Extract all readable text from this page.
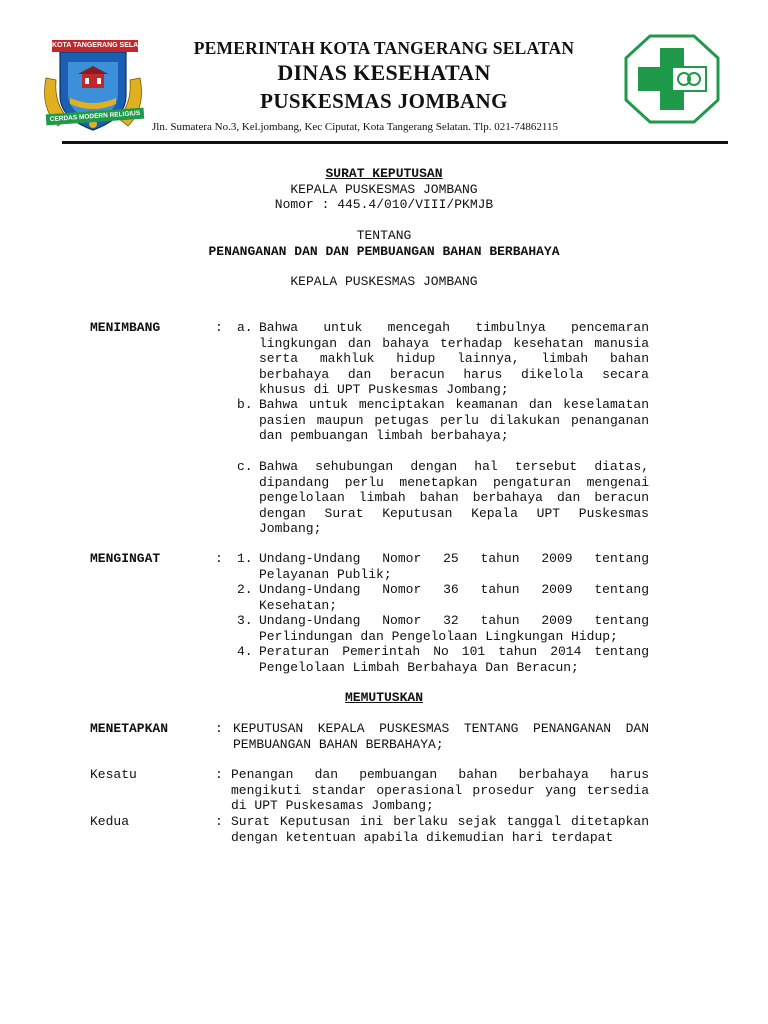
KOTA TANGERANG SELATAN
CERDAS MODERN RELIGIUS
PEMERINTAH KOTA TANGERANG SELATAN
DINAS KESEHATAN
PUSKESMAS JOMBANG
Jln. Sumatera No.3, Kel.jombang, Kec Ciputat, Kota Tangerang Selatan. Tlp. 021-74862115
SURAT KEPUTUSAN
KEPALA PUSKESMAS JOMBANG
Nomor : 445.4/010/VIII/PKMJB
TENTANG
PENANGANAN DAN DAN PEMBUANGAN BAHAN BERBAHAYA
KEPALA PUSKESMAS JOMBANG
MENIMBANG	: a. Bahwa untuk mencegah timbulnya pencemaran lingkungan dan bahaya terhadap kesehatan manusia serta makhluk hidup lainnya, limbah bahan berbahaya dan beracun harus dikelola secara khusus di UPT Puskesmas Jombang;
b. Bahwa untuk menciptakan keamanan dan keselamatan pasien maupun petugas perlu dilakukan penanganan dan pembuangan limbah berbahaya;
c. Bahwa sehubungan dengan hal tersebut diatas, dipandang perlu menetapkan pengaturan mengenai pengelolaan limbah bahan berbahaya dan beracun dengan Surat Keputusan Kepala UPT Puskesmas Jombang;
MENGINGAT	: 1. Undang-Undang Nomor 25 tahun 2009 tentang Pelayanan Publik;
2. Undang-Undang Nomor 36 tahun 2009 tentang Kesehatan;
3. Undang-Undang Nomor 32 tahun 2009 tentang Perlindungan dan Pengelolaan Lingkungan Hidup;
4. Peraturan Pemerintah No 101 tahun 2014 tentang Pengelolaan Limbah Berbahaya Dan Beracun;
MEMUTUSKAN
MENETAPKAN	: KEPUTUSAN KEPALA PUSKESMAS TENTANG PENANGANAN DAN PEMBUANGAN BAHAN BERBAHAYA;
Kesatu	: Penangan dan pembuangan bahan berbahaya harus mengikuti standar operasional prosedur yang tersedia di UPT Puskesamas Jombang;
Kedua	: Surat Keputusan ini berlaku sejak tanggal ditetapkan dengan ketentuan apabila dikemudian hari terdapat
